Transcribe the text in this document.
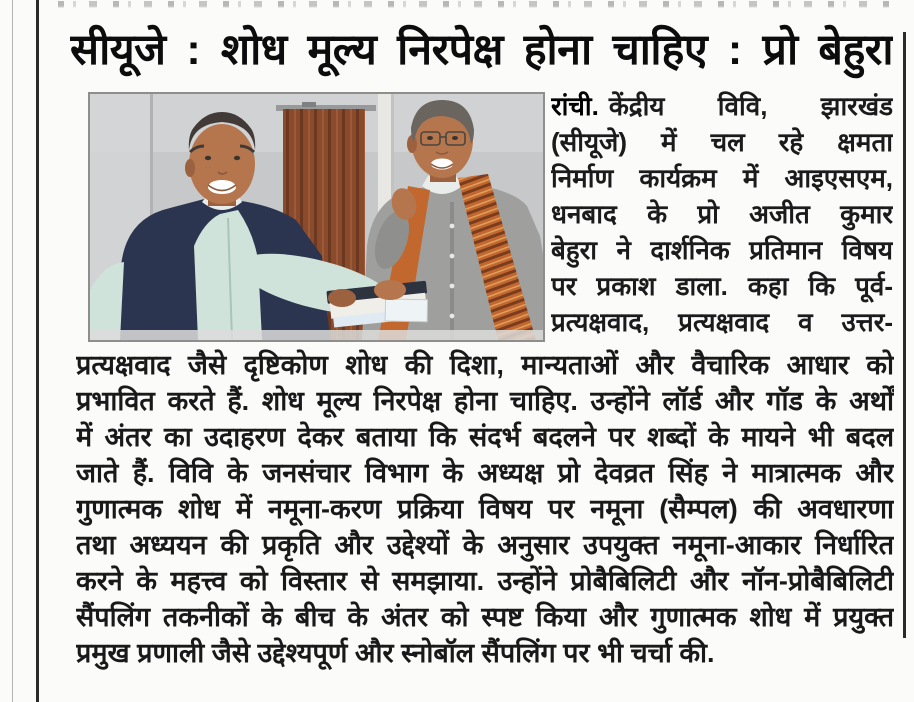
सीयूजे : शोध मूल्य निरपेक्ष होना चाहिए : प्रो बेहुरा
रांची. केंद्रीय विवि, झारखंड
(सीयूजे) में चल रहे क्षमता
निर्माण कार्यक्रम में आइएसएम,
धनबाद के प्रो अजीत कुमार
बेहुरा ने दार्शनिक प्रतिमान विषय
पर प्रकाश डाला. कहा कि पूर्व-
प्रत्यक्षवाद, प्रत्यक्षवाद व उत्तर-
प्रत्यक्षवाद जैसे दृष्टिकोण शोध की दिशा, मान्यताओं और वैचारिक आधार को
प्रभावित करते हैं. शोध मूल्य निरपेक्ष होना चाहिए. उन्होंने लॉर्ड और गॉड के अर्थों
में अंतर का उदाहरण देकर बताया कि संदर्भ बदलने पर शब्दों के मायने भी बदल
जाते हैं. विवि के जनसंचार विभाग के अध्यक्ष प्रो देवव्रत सिंह ने मात्रात्मक और
गुणात्मक शोध में नमूना-करण प्रक्रिया विषय पर नमूना (सैम्पल) की अवधारणा
तथा अध्ययन की प्रकृति और उद्देश्यों के अनुसार उपयुक्त नमूना-आकार निर्धारित
करने के महत्त्व को विस्तार से समझाया. उन्होंने प्रोबैबिलिटी और नॉन-प्रोबैबिलिटी
सैंपलिंग तकनीकों के बीच के अंतर को स्पष्ट किया और गुणात्मक शोध में प्रयुक्त
प्रमुख प्रणाली जैसे उद्देश्यपूर्ण और स्नोबॉल सैंपलिंग पर भी चर्चा की.
